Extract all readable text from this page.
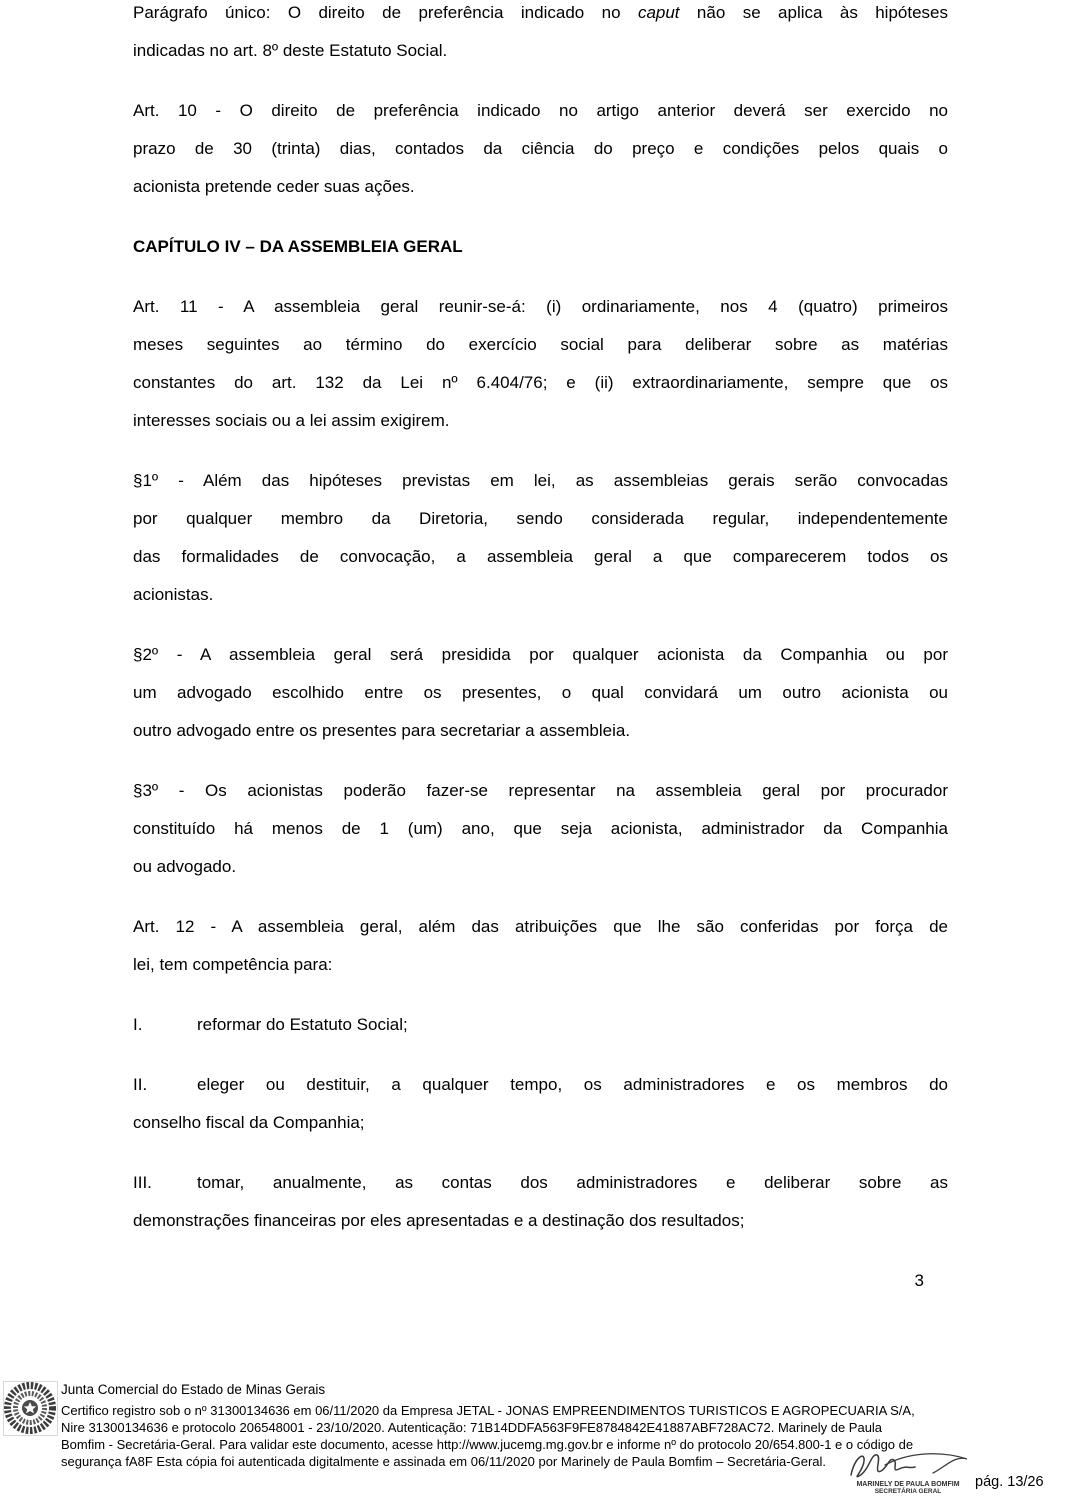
Parágrafo único: O direito de preferência indicado no caput não se aplica às hipóteses
indicadas no art. 8º deste Estatuto Social.
Art. 10 - O direito de preferência indicado no artigo anterior deverá ser exercido no
prazo de 30 (trinta) dias, contados da ciência do preço e condições pelos quais o
acionista pretende ceder suas ações.
CAPÍTULO IV – DA ASSEMBLEIA GERAL
Art. 11 - A assembleia geral reunir-se-á: (i) ordinariamente, nos 4 (quatro) primeiros
meses seguintes ao término do exercício social para deliberar sobre as matérias
constantes do art. 132 da Lei nº 6.404/76; e (ii) extraordinariamente, sempre que os
interesses sociais ou a lei assim exigirem.
§1º - Além das hipóteses previstas em lei, as assembleias gerais serão convocadas
por qualquer membro da Diretoria, sendo considerada regular, independentemente
das formalidades de convocação, a assembleia geral a que comparecerem todos os
acionistas.
§2º - A assembleia geral será presidida por qualquer acionista da Companhia ou por
um advogado escolhido entre os presentes, o qual convidará um outro acionista ou
outro advogado entre os presentes para secretariar a assembleia.
§3º - Os acionistas poderão fazer-se representar na assembleia geral por procurador
constituído há menos de 1 (um) ano, que seja acionista, administrador da Companhia
ou advogado.
Art. 12 - A assembleia geral, além das atribuições que lhe são conferidas por força de
lei, tem competência para:
I.	reformar do Estatuto Social;
II.	eleger ou destituir, a qualquer tempo, os administradores e os membros do
conselho fiscal da Companhia;
III.	tomar, anualmente, as contas dos administradores e deliberar sobre as
demonstrações financeiras por eles apresentadas e a destinação dos resultados;
3
Junta Comercial do Estado de Minas Gerais
Certifico registro sob o nº 31300134636 em 06/11/2020 da Empresa JETAL - JONAS EMPREENDIMENTOS TURISTICOS E AGROPECUARIA S/A,
Nire 31300134636 e protocolo 206548001 - 23/10/2020. Autenticação: 71B14DDFA563F9FE8784842E41887ABF728AC72. Marinely de Paula
Bomfim - Secretária-Geral. Para validar este documento, acesse http://www.jucemg.mg.gov.br e informe nº do protocolo 20/654.800-1 e o código de
segurança fA8F Esta cópia foi autenticada digitalmente e assinada em 06/11/2020 por Marinely de Paula Bomfim – Secretária-Geral.
MARINELY DE PAULA BOMFIM
SECRETÁRIA GERAL
pág. 13/26
